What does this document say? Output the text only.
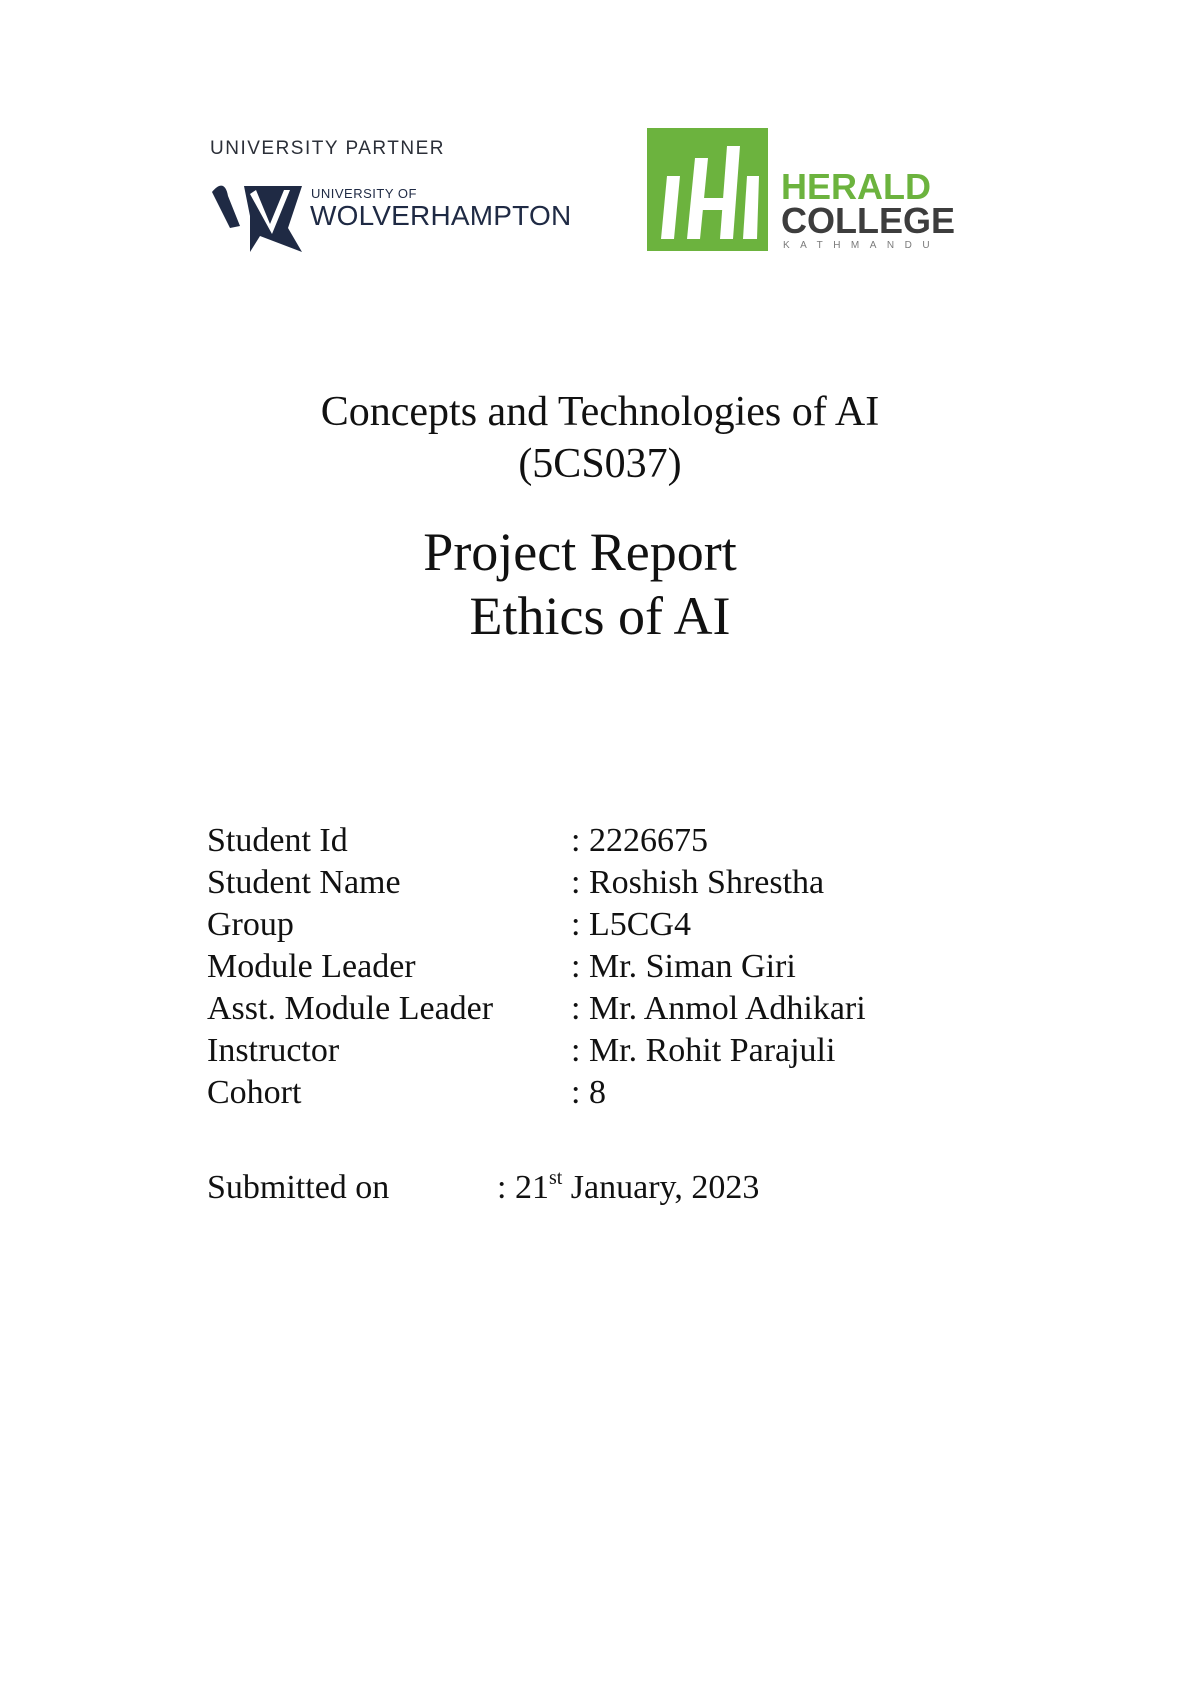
UNIVERSITY PARTNER
UNIVERSITY OF
WOLVERHAMPTON
HERALD
COLLEGE
KATHMANDU
Concepts and Technologies of AI
(5CS037)
Project Report
Ethics of AI
Student Id	: 2226675
Student Name	: Roshish Shrestha
Group	: L5CG4
Module Leader	: Mr. Siman Giri
Asst. Module Leader : Mr. Anmol Adhikari
Instructor	: Mr. Rohit Parajuli
Cohort	: 8
Submitted on	: 21st January, 2023
